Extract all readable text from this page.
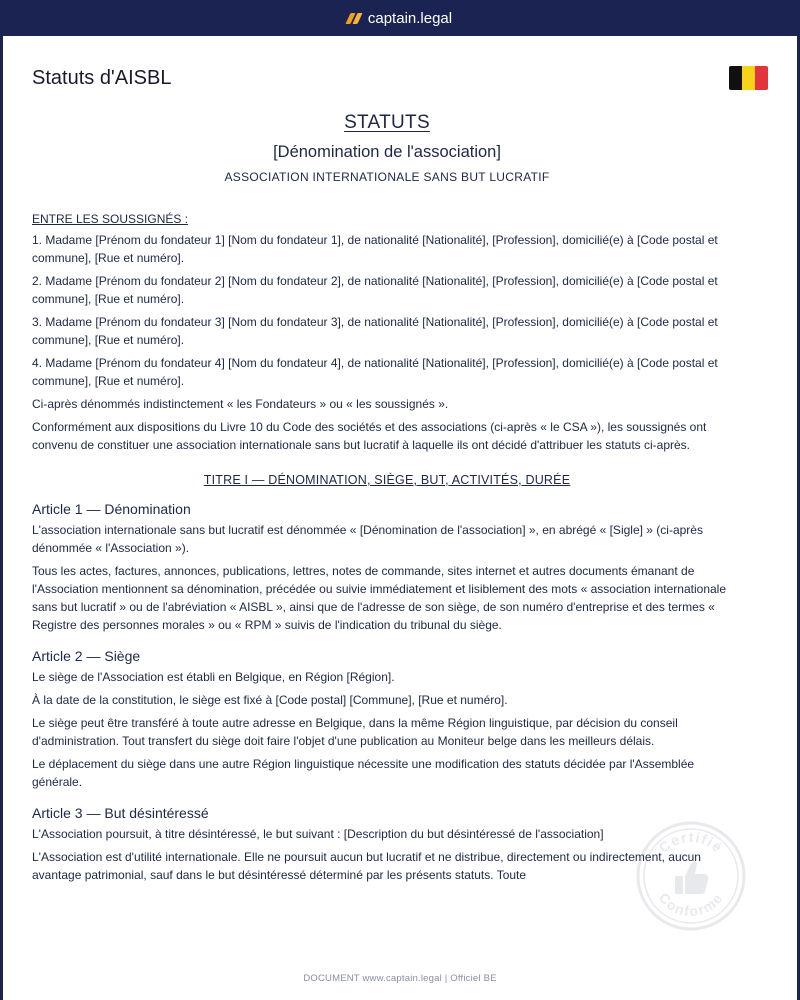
captain.legal
Statuts d'AISBL
STATUTS
[Dénomination de l'association]
ASSOCIATION INTERNATIONALE SANS BUT LUCRATIF
ENTRE LES SOUSSIGNÉS :

1. Madame [Prénom du fondateur 1] [Nom du fondateur 1], de nationalité [Nationalité], [Profession], domicilié(e) à [Code postal et commune], [Rue et numéro].

2. Madame [Prénom du fondateur 2] [Nom du fondateur 2], de nationalité [Nationalité], [Profession], domicilié(e) à [Code postal et commune], [Rue et numéro].

3. Madame [Prénom du fondateur 3] [Nom du fondateur 3], de nationalité [Nationalité], [Profession], domicilié(e) à [Code postal et commune], [Rue et numéro].

4. Madame [Prénom du fondateur 4] [Nom du fondateur 4], de nationalité [Nationalité], [Profession], domicilié(e) à [Code postal et commune], [Rue et numéro].

Ci-après dénommés indistinctement « les Fondateurs » ou « les soussignés ».

Conformément aux dispositions du Livre 10 du Code des sociétés et des associations (ci-après « le CSA »), les soussignés ont convenu de constituer une association internationale sans but lucratif à laquelle ils ont décidé d'attribuer les statuts ci-après.

TITRE I — DÉNOMINATION, SIÈGE, BUT, ACTIVITÉS, DURÉE
Article 1 — Dénomination

L'association internationale sans but lucratif est dénommée « [Dénomination de l'association] », en abrégé « [Sigle] » (ci-après dénommée « l'Association »).

Tous les actes, factures, annonces, publications, lettres, notes de commande, sites internet et autres documents émanant de l'Association mentionnent sa dénomination, précédée ou suivie immédiatement et lisiblement des mots « association internationale sans but lucratif » ou de l'abréviation « AISBL », ainsi que de l'adresse de son siège, de son numéro d'entreprise et des termes « Registre des personnes morales » ou « RPM » suivis de l'indication du tribunal du siège.

Article 2 — Siège

Le siège de l'Association est établi en Belgique, en Région [Région].

À la date de la constitution, le siège est fixé à [Code postal] [Commune], [Rue et numéro].

Le siège peut être transféré à toute autre adresse en Belgique, dans la même Région linguistique, par décision du conseil d'administration. Tout transfert du siège doit faire l'objet d'une publication au Moniteur belge dans les meilleurs délais.

Le déplacement du siège dans une autre Région linguistique nécessite une modification des statuts décidée par l'Assemblée générale.

Article 3 — But désintéressé

L'Association poursuit, à titre désintéressé, le but suivant : [Description du but désintéressé de l'association]

L'Association est d'utilité internationale. Elle ne poursuit aucun but lucratif et ne distribue, directement ou indirectement, aucun avantage patrimonial, sauf dans le but désintéressé déterminé par les présents statuts. Toute

Certifié
Conforme
DOCUMENT www.captain.legal | Officiel BE
